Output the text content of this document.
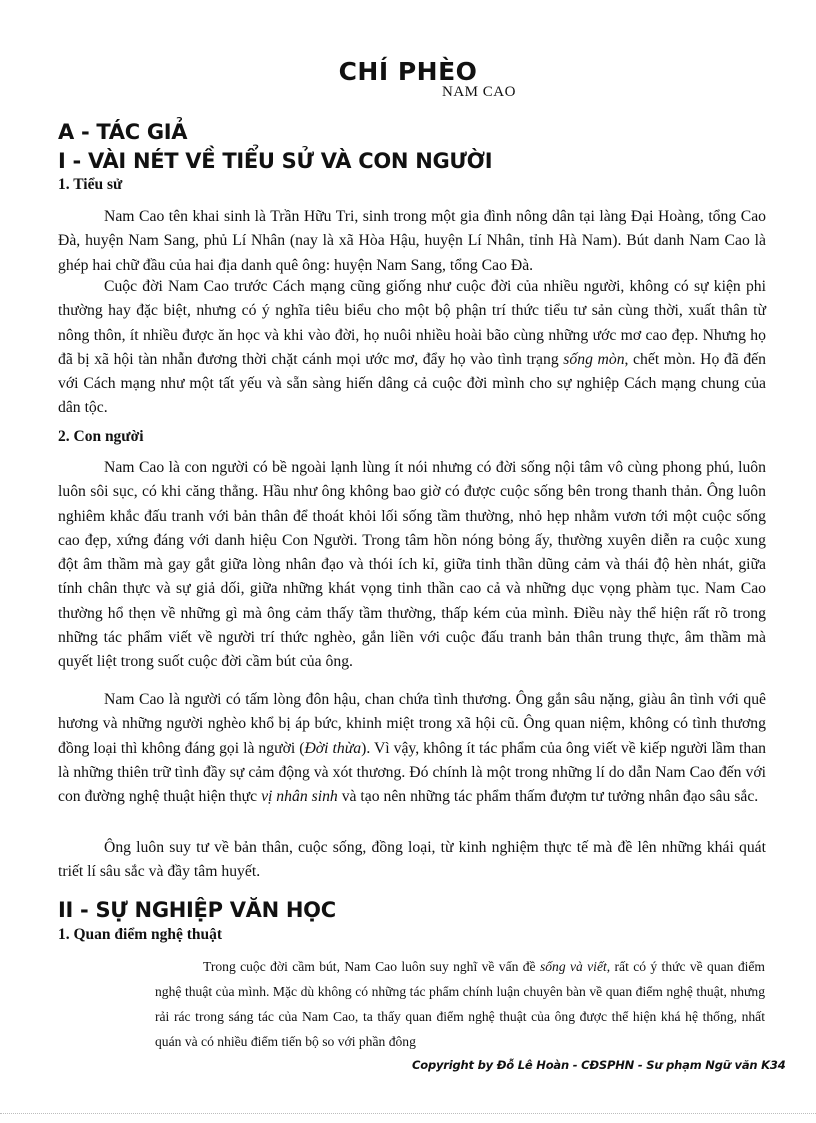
CHÍ PHÈO
NAM CAO
A - TÁC GIẢ
I - VÀI NÉT VỀ TIỂU SỬ VÀ CON NGƯỜI
1. Tiểu sử

Nam Cao tên khai sinh là Trần Hữu Tri, sinh trong một gia đình nông dân tại làng Đại Hoàng, tổng Cao Đà, huyện Nam Sang, phủ Lí Nhân (nay là xã Hòa Hậu, huyện Lí Nhân, tỉnh Hà Nam). Bút danh Nam Cao là ghép hai chữ đầu của hai địa danh quê ông: huyện Nam Sang, tổng Cao Đà.

Cuộc đời Nam Cao trước Cách mạng cũng giống như cuộc đời của nhiều người, không có sự kiện phi thường hay đặc biệt, nhưng có ý nghĩa tiêu biểu cho một bộ phận trí thức tiểu tư sản cùng thời, xuất thân từ nông thôn, ít nhiều được ăn học và khi vào đời, họ nuôi nhiều hoài bão cùng những ước mơ cao đẹp. Nhưng họ đã bị xã hội tàn nhẫn đương thời chặt cánh mọi ước mơ, đẩy họ vào tình trạng sống mòn, chết mòn. Họ đã đến với Cách mạng như một tất yếu và sẵn sàng hiến dâng cả cuộc đời mình cho sự nghiệp Cách mạng chung của dân tộc.

2. Con người

Nam Cao là con người có bề ngoài lạnh lùng ít nói nhưng có đời sống nội tâm vô cùng phong phú, luôn luôn sôi sục, có khi căng thẳng. Hầu như ông không bao giờ có được cuộc sống bên trong thanh thản. Ông luôn nghiêm khắc đấu tranh với bản thân để thoát khỏi lối sống tầm thường, nhỏ hẹp nhằm vươn tới một cuộc sống cao đẹp, xứng đáng với danh hiệu Con Người. Trong tâm hồn nóng bỏng ấy, thường xuyên diễn ra cuộc xung đột âm thầm mà gay gắt giữa lòng nhân đạo và thói ích kỉ, giữa tinh thần dũng cảm và thái độ hèn nhát, giữa tính chân thực và sự giả dối, giữa những khát vọng tinh thần cao cả và những dục vọng phàm tục. Nam Cao thường hổ thẹn về những gì mà ông cảm thấy tầm thường, thấp kém của mình. Điều này thể hiện rất rõ trong những tác phẩm viết về người trí thức nghèo, gắn liền với cuộc đấu tranh bản thân trung thực, âm thầm mà quyết liệt trong suốt cuộc đời cầm bút của ông.

Nam Cao là người có tấm lòng đôn hậu, chan chứa tình thương. Ông gắn sâu nặng, giàu ân tình với quê hương và những người nghèo khổ bị áp bức, khinh miệt trong xã hội cũ. Ông quan niệm, không có tình thương đồng loại thì không đáng gọi là người (Đời thừa). Vì vậy, không ít tác phẩm của ông viết về kiếp người lầm than là những thiên trữ tình đầy sự cảm động và xót thương. Đó chính là một trong những lí do dẫn Nam Cao đến với con đường nghệ thuật hiện thực vị nhân sinh và tạo nên những tác phẩm thấm đượm tư tưởng nhân đạo sâu sắc.

Ông luôn suy tư về bản thân, cuộc sống, đồng loại, từ kinh nghiệm thực tế mà đề lên những khái quát triết lí sâu sắc và đầy tâm huyết.

II - SỰ NGHIỆP VĂN HỌC
1. Quan điểm nghệ thuật

Trong cuộc đời cầm bút, Nam Cao luôn suy nghĩ về vấn đề sống và viết, rất có ý thức về quan điểm nghệ thuật của mình. Mặc dù không có những tác phẩm chính luận chuyên bàn về quan điểm nghệ thuật, nhưng rải rác trong sáng tác của Nam Cao, ta thấy quan điểm nghệ thuật của ông được thể hiện khá hệ thống, nhất quán và có nhiều điểm tiến bộ so với phần đông

Copyright by Đỗ Lê Hoàn - CĐSPHN - Sư phạm Ngữ văn K34
